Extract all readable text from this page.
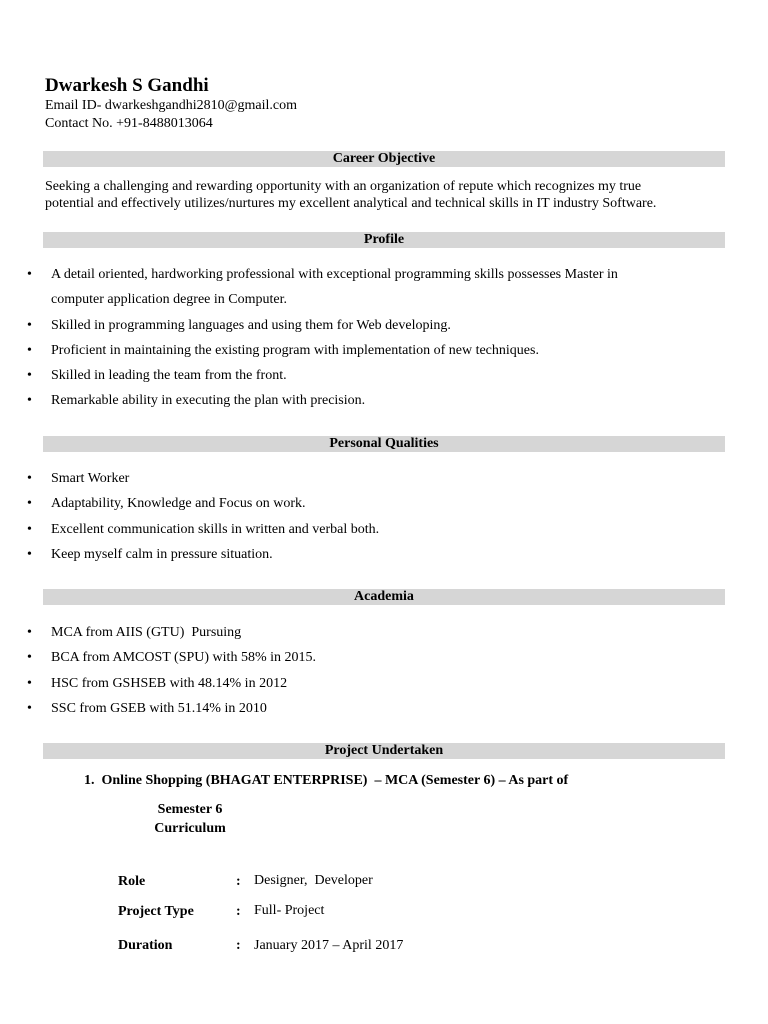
Dwarkesh S Gandhi
Email ID- dwarkeshgandhi2810@gmail.com
Contact No. +91-8488013064
Career Objective
Seeking a challenging and rewarding opportunity with an organization of repute which recognizes my true
potential and effectively utilizes/nurtures my excellent analytical and technical skills in IT industry Software.
Profile
• A detail oriented, hardworking professional with exceptional programming skills possesses Master in computer application degree in Computer.
• Skilled in programming languages and using them for Web developing.
• Proficient in maintaining the existing program with implementation of new techniques.
• Skilled in leading the team from the front.
• Remarkable ability in executing the plan with precision.
Personal Qualities
• Smart Worker
• Adaptability, Knowledge and Focus on work.
• Excellent communication skills in written and verbal both.
• Keep myself calm in pressure situation.
Academia
• MCA from AIIS (GTU)  Pursuing
• BCA from AMCOST (SPU) with 58% in 2015.
• HSC from GSHSEB with 48.14% in 2012
• SSC from GSEB with 51.14% in 2010
Project Undertaken
1.  Online Shopping (BHAGAT ENTERPRISE)  – MCA (Semester 6) – As part of
Semester 6
Curriculum
Role	: Designer,  Developer
Project Type	: Full- Project
Duration	: January 2017 – April 2017
